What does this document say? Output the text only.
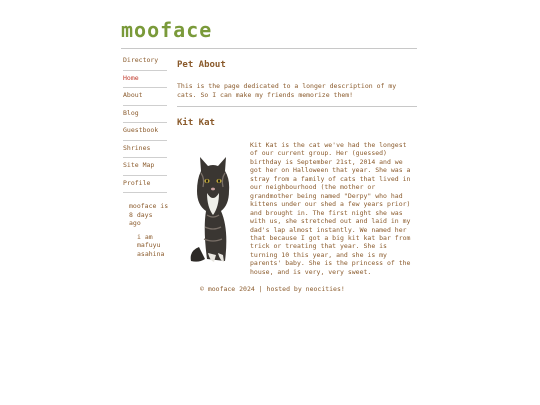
mooface
Directory
Home
About
Blog
Guestbook
Shrines
Site Map
Profile
mooface is
8 days ago
i am mafuyu asahina
Pet About
This is the page dedicated to a longer description of my cats. So I can make my friends memorize them!
Kit Kat
Kit Kat is the cat we've had the longest of our current group. Her (guessed) birthday is September 21st, 2014 and we got her on Halloween that year. She was a stray from a family of cats that lived in our neighbourhood (the mother or grandmother being named "Derpy" who had kittens under our shed a few years prior) and brought in. The first night she was with us, she stretched out and laid in my dad's lap almost instantly. We named her that because I got a big kit kat bar from trick or treating that year. She is turning 10 this year, and she is my parents' baby. She is the princess of the house, and is very, very sweet.
© mooface 2024 | hosted by neocities!
